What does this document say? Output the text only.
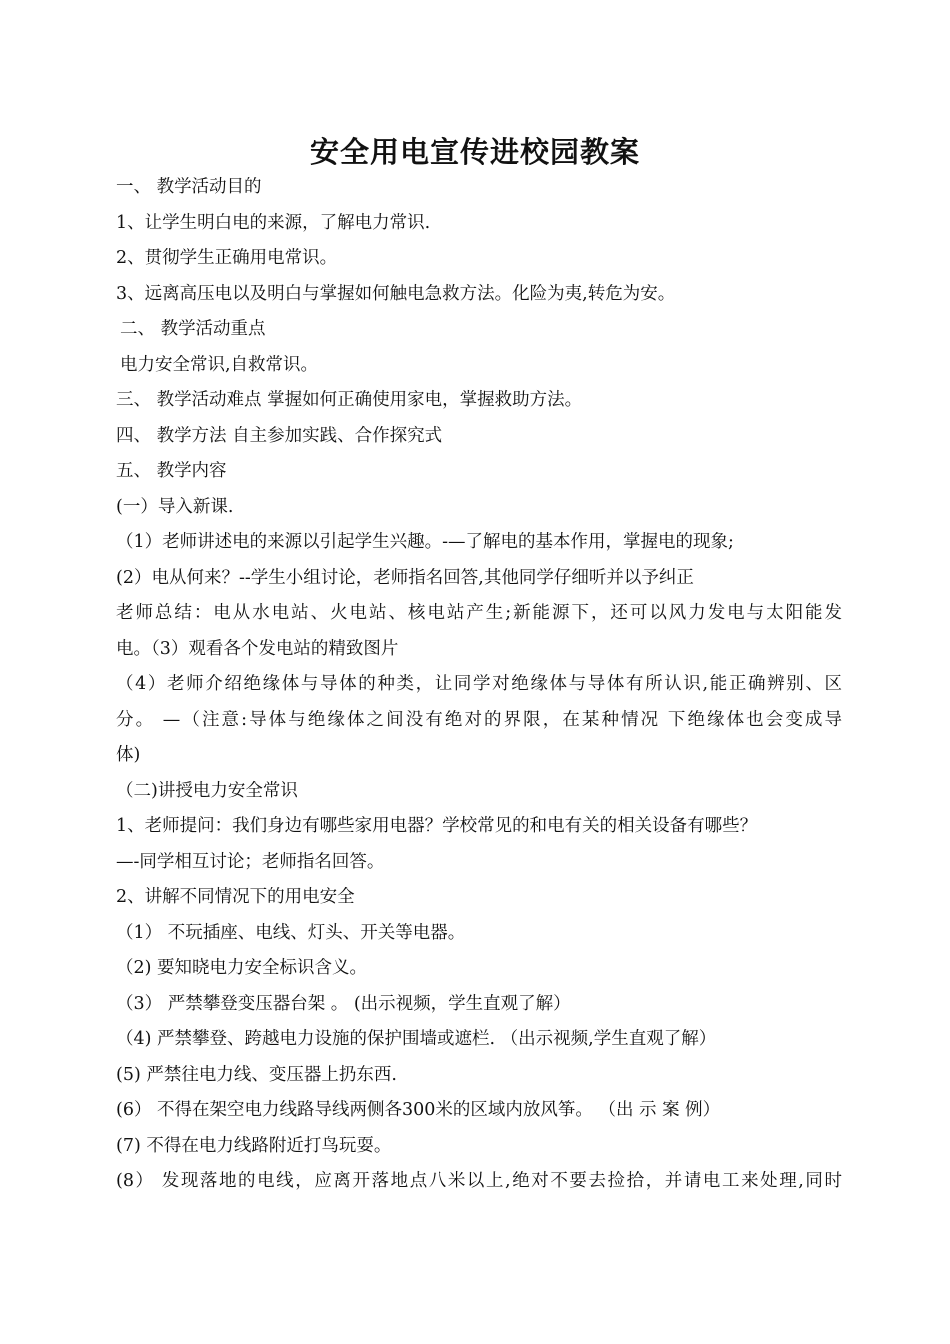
安全用电宣传进校园教案
一、 教学活动目的
1、让学生明白电的来源，了解电力常识.
2、贯彻学生正确用电常识。
3、远离高压电以及明白与掌握如何触电急救方法。化险为夷,转危为安。
二、 教学活动重点
电力安全常识,自救常识。
三、 教学活动难点 掌握如何正确使用家电，掌握救助方法。
四、 教学方法 自主参加实践、合作探究式
五、 教学内容
(一）导入新课.
（1）老师讲述电的来源以引起学生兴趣。-—了解电的基本作用，掌握电的现象;
(2）电从何来？--学生小组讨论，老师指名回答,其他同学仔细听并以予纠正
老师总结：电从水电站、火电站、核电站产生;新能源下，还可以风力发电与太阳能发
电。（3）观看各个发电站的精致图片
（4）老师介绍绝缘体与导体的种类，让同学对绝缘体与导体有所认识,能正确辨别、区
分。 —（注意:导体与绝缘体之间没有绝对的界限，在某种情况 下绝缘体也会变成导
体)
（二)讲授电力安全常识
1、老师提问：我们身边有哪些家用电器？学校常见的和电有关的相关设备有哪些？
—-同学相互讨论；老师指名回答。
2、讲解不同情况下的用电安全
（1） 不玩插座、电线、灯头、开关等电器。
（2) 要知晓电力安全标识含义。
（3） 严禁攀登变压器台架 。 (出示视频，学生直观了解）
（4) 严禁攀登、跨越电力设施的保护围墙或遮栏. （出示视频,学生直观了解）
(5) 严禁往电力线、变压器上扔东西.
(6） 不得在架空电力线路导线两侧各300米的区域内放风筝。 （出 示 案 例）
(7) 不得在电力线路附近打鸟玩耍。
(8） 发现落地的电线，应离开落地点八米以上,绝对不要去捡拾，并请电工来处理,同时
